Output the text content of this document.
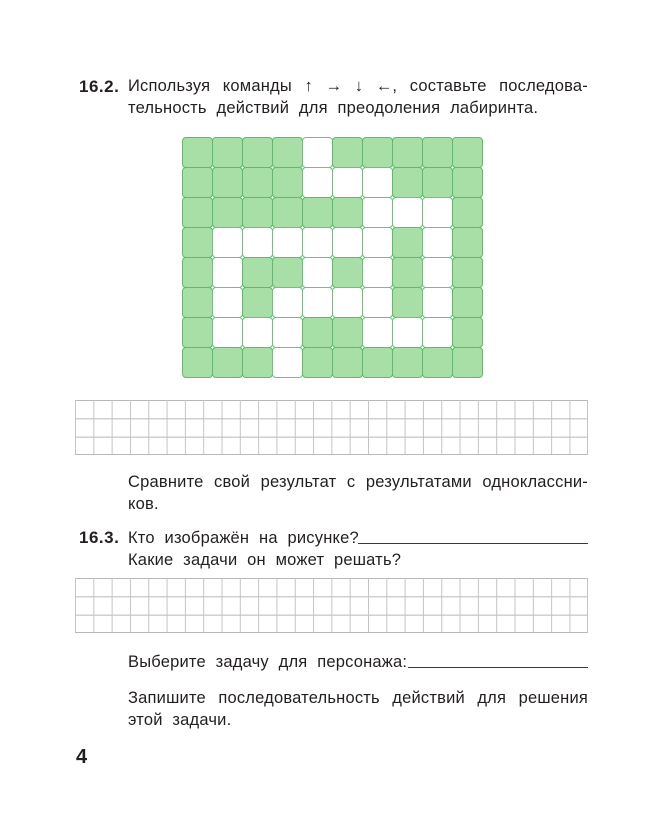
16.2. Используя команды ↑ → ↓ ←, составьте последова-
тельность действий для преодоления лабиринта.
Сравните свой результат с результатами одноклассни-
ков.
16.3. Кто изображён на рисунке?
Какие задачи он может решать?
Выберите задачу для персонажа:
Запишите последовательность действий для решения
этой задачи.
4
